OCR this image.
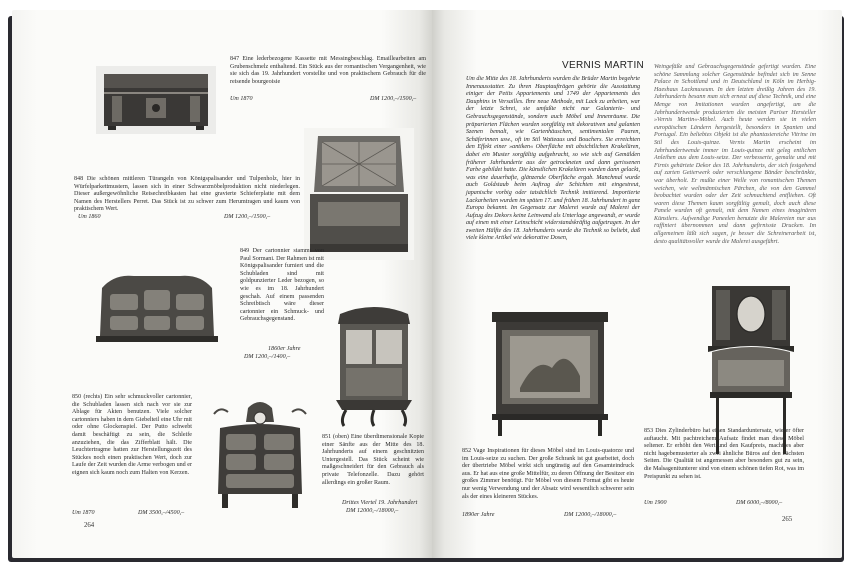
847 Eine lederbezogene Kassette mit Messingbeschlag. Emaillearbeiten am Grubenschmelz enthaltend. Ein Stück aus der romantischen Vergangenheit, wie sie sich das 19. Jahrhundert vorstellte und von praktischem Gebrauch für die reisende bourgeoisie
Um 1870	DM 1200,–/1500,–
848 Die schönen mittleren Türangeln von Königspalisander und Tulpenholz, hier in Würfelparkettmustern, lassen sich in einer Schwarzmöbelproduktion nicht niederlegen. Dieser außergewöhnliche Reisechreibkasten hat eine gravierte Schieferplatte mit dem Namen des Herstellers Perret. Das Stück ist zu schwer zum Herumtragen und kaum von praktischem Wert.
Um 1860	DM 1200,–/1500,–
849 Der cartonnier stammt von Paul Sormani. Der Rahmen ist mit Königspalisander furniert und die Schubladen sind mit goldpunzierter Leder bezogen, so wie es im 18. Jahrhundert geschah. Auf einem passenden Schreibtisch wäre dieser cartonnier ein Schmuck- und Gebrauchsgegenstand.
1860er Jahre
DM 1200,–/1400,–
850 (rechts) Ein sehr schmuckvoller cartonnier, die Schubladen lassen sich nach vor sie zur Ablage für Akten benutzen. Viele solcher cartonniers haben in dem Giebelteil eine Uhr mit oder ohne Glockenspiel. Der Putto schwebt damit beschäftigt zu sein, die Schleife anzuziehen, die das Zifferblatt hält. Die Leuchtertragme hatten zur Herstellungszeit des Stückes noch einen praktischen Wert, doch zur Laufe der Zeit wurden die Arme verbogen und er eignen sich kaum noch zum Halten von Kerzen.
Um 1870	DM 3500,–/4500,–
851 (oben) Eine überdimensionale Kopie einer Sänfte aus der Mitte des 18. Jahrhunderts auf einem geschnitzten Untergestell. Das Stück scheint wie maßgeschneidert für den Gebrauch als private Telefonzelle. Dazu gehört allerdings ein großer Raum.
Drittes Viertel 19. Jahrhundert
DM 12000,–/18000,–
264
VERNIS MARTIN
Um die Mitte des 18. Jahrhunderts wurden die Brüder Martin begehrte Innenausstatter. Zu ihren Hauptaufträgen gehörte die Ausstattung einiger der Petits Appartements und 1749 der Appartements des Dauphins in Versailles. Ihre neue Methode, mit Lack zu arbeiten, war der letzte Schrei, sie umfaßte nicht nur Galanterie- und Gebrauchsgegenstände, sondern auch Möbel und Innenräume. Die präparierten Flächen wurden sorgfältig mit dekorativen und galanten Szenen bemalt, wie Gartenhäuschen, sentimentalen Paaren, Schäferinnen usw., oft im Stil Watteaus und Bouchers. Sie erreichten den Effekt einer »antiken« Oberfläche mit absichtlichen Krakelüren, dabei ein Muster sorgfältig aufgebracht, so wie sich auf Gemälden früherer Jahrhunderte aus der getrockneten und dann gerissenen Farbe gebildet hatte. Die künstlichen Krakelüren wurden dann gelackt, was eine dauerhafte, glänzende Oberfläche ergab. Manchmal wurde auch Goldstaub beim Auftrag der Schichten mit eingestreut, japanische vorbig oder tatsächlich Technik imitierend. Importierte Lackarbeiten wurden im späten 17. und frühen 18. Jahrhundert in ganz Europa bekannt. Im Gegensatz zur Malerei wurde auf Malerei der Aufzug des Dekors keine Leinwand als Unterlage angewandt, er wurde auf einen mit einer Leinschicht widerstandskräftig aufgetragen. In der zweiten Hälfte des 18. Jahrhunderts wurde die Technik so beliebt, daß viele kleine Artikel wie dekorative Dosen,
Weingefäße und Gebrauchsgegenstände gefertigt wurden. Eine schöne Sammlung solcher Gegenstände befindet sich im Senne Palace in Schottland und in Deutschland in Köln im Herbig-Haeshaus Lackmuseum. In den letzten dreißig Jahren des 19. Jahrhunderts besann man sich erneut auf diese Technik, und eine Menge von Imitationen wurden angefertigt, um die Jahrhundertwende produzierten die meisten Pariser Hersteller »Vernis Martin«-Möbel. Auch heute werden sie in vielen europäischen Ländern hergestellt, besonders in Spanien und Portugal. Ein beliebtes Objekt ist die phantasiereiche Vitrine im Stil des Louis-quinze. Vernis Martin erscheint im Jahrhundertwende immer im Louis-quinze mit geleg entlichen Anleihen aus dem Louis-seize. Der verbesserte, gemalte und mit Firnis gehärtete Dekor des 18. Jahrhunderts, der sich festgehend auf zarten Getierwerk oder verschlungene Bänder beschränkte, war überholt. Er mußte einer Welle von romantischen Themen weichen, wie weltmännischen Pärchen, die von den Gammel beobachtet wurden oder der Zeit schmachtend entfliehen. Oft waren diese Themen kaum sorgfältig gemalt, doch auch diese Panele wurden oft gemalt, mit dem Namen eines imaginären Künstlers. Aufwendige Paneelen benutzte die Malereien nur aus raffiniert übernommen und dann gefirnisste Drucken. Im allgemeinen läßt sich sagen, je besser die Schreinerarbeit ist, desto qualitätsvoller wurde die Malerei ausgeführt.
852 Vage Inspirationen für dieses Möbel sind im Louis-quatorze und im Louis-seize zu suchen. Der große Schrank ist gut gearbeitet, doch der übertriebe Möbel wirkt sich ungünstig auf den Gesamteindruck aus. Er hat aus eine große Mittelfür, zu deren Öffnung der Besitzer ein großes Zimmer benötigt. Für Möbel von diesem Format gibt es heute nur wenig Verwendung und der Absatz wird wesentlich schwerer sein als der eines kleineren Stückes.
1890er Jahre	DM 12000,–/18000,–
853 Dies Zylinderbüro hat einen Standarduntersatz, wie er öfter auftaucht. Mit pachtreichem Aufsatz findet man diese Möbel seltener. Er erhöht den Wert und den Kaufpreis, macht es aber nicht hagebemusterter als zwei ähnliche Büros auf den nächsten Seiten. Die Qualität ist angemessen aber besonders gut zu sein, die Malsagenitunterer sind von einem schönen tiefen Rot, was im Preispunkt zu sehen ist.
Um 1900	DM 6000,–/8000,–
265
